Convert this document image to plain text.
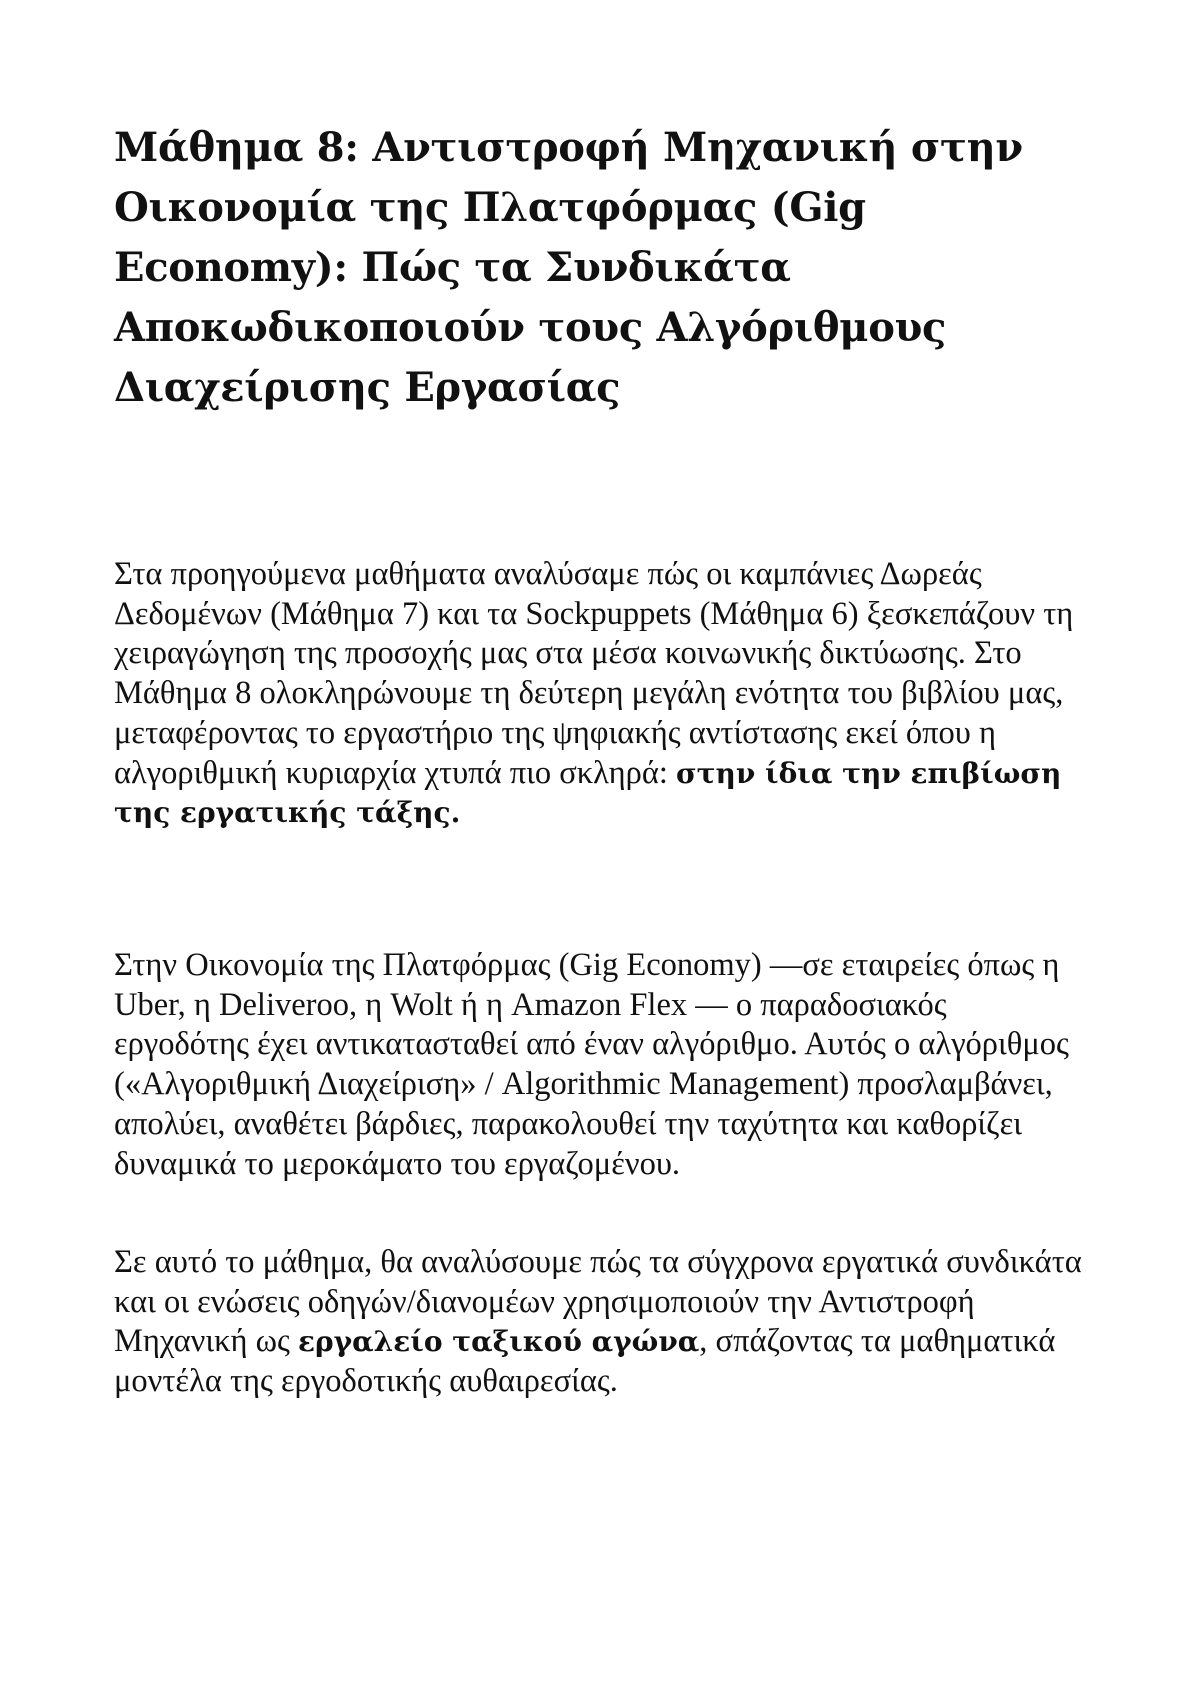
Μάθημα 8: Αντιστροφή Μηχανική στην Οικονομία της Πλατφόρμας (Gig Economy): Πώς τα Συνδικάτα Αποκωδικοποιούν τους Αλγόριθμους Διαχείρισης Εργασίας

Στα προηγούμενα μαθήματα αναλύσαμε πώς οι καμπάνιες Δωρεάς Δεδομένων (Μάθημα 7) και τα Sockpuppets (Μάθημα 6) ξεσκεπάζουν τη χειραγώγηση της προσοχής μας στα μέσα κοινωνικής δικτύωσης. Στο Μάθημα 8 ολοκληρώνουμε τη δεύτερη μεγάλη ενότητα του βιβλίου μας, μεταφέροντας το εργαστήριο της ψηφιακής αντίστασης εκεί όπου η αλγοριθμική κυριαρχία χτυπά πιο σκληρά: στην ίδια την επιβίωση της εργατικής τάξης.

Στην Οικονομία της Πλατφόρμας (Gig Economy) —σε εταιρείες όπως η Uber, η Deliveroo, η Wolt ή η Amazon Flex — ο παραδοσιακός εργοδότης έχει αντικατασταθεί από έναν αλγόριθμο. Αυτός ο αλγόριθμος («Αλγοριθμική Διαχείριση» / Algorithmic Management) προσλαμβάνει, απολύει, αναθέτει βάρδιες, παρακολουθεί την ταχύτητα και καθορίζει δυναμικά το μεροκάματο του εργαζομένου.

Σε αυτό το μάθημα, θα αναλύσουμε πώς τα σύγχρονα εργατικά συνδικάτα και οι ενώσεις οδηγών/διανομέων χρησιμοποιούν την Αντιστροφή Μηχανική ως εργαλείο ταξικού αγώνα, σπάζοντας τα μαθηματικά μοντέλα της εργοδοτικής αυθαιρεσίας.
